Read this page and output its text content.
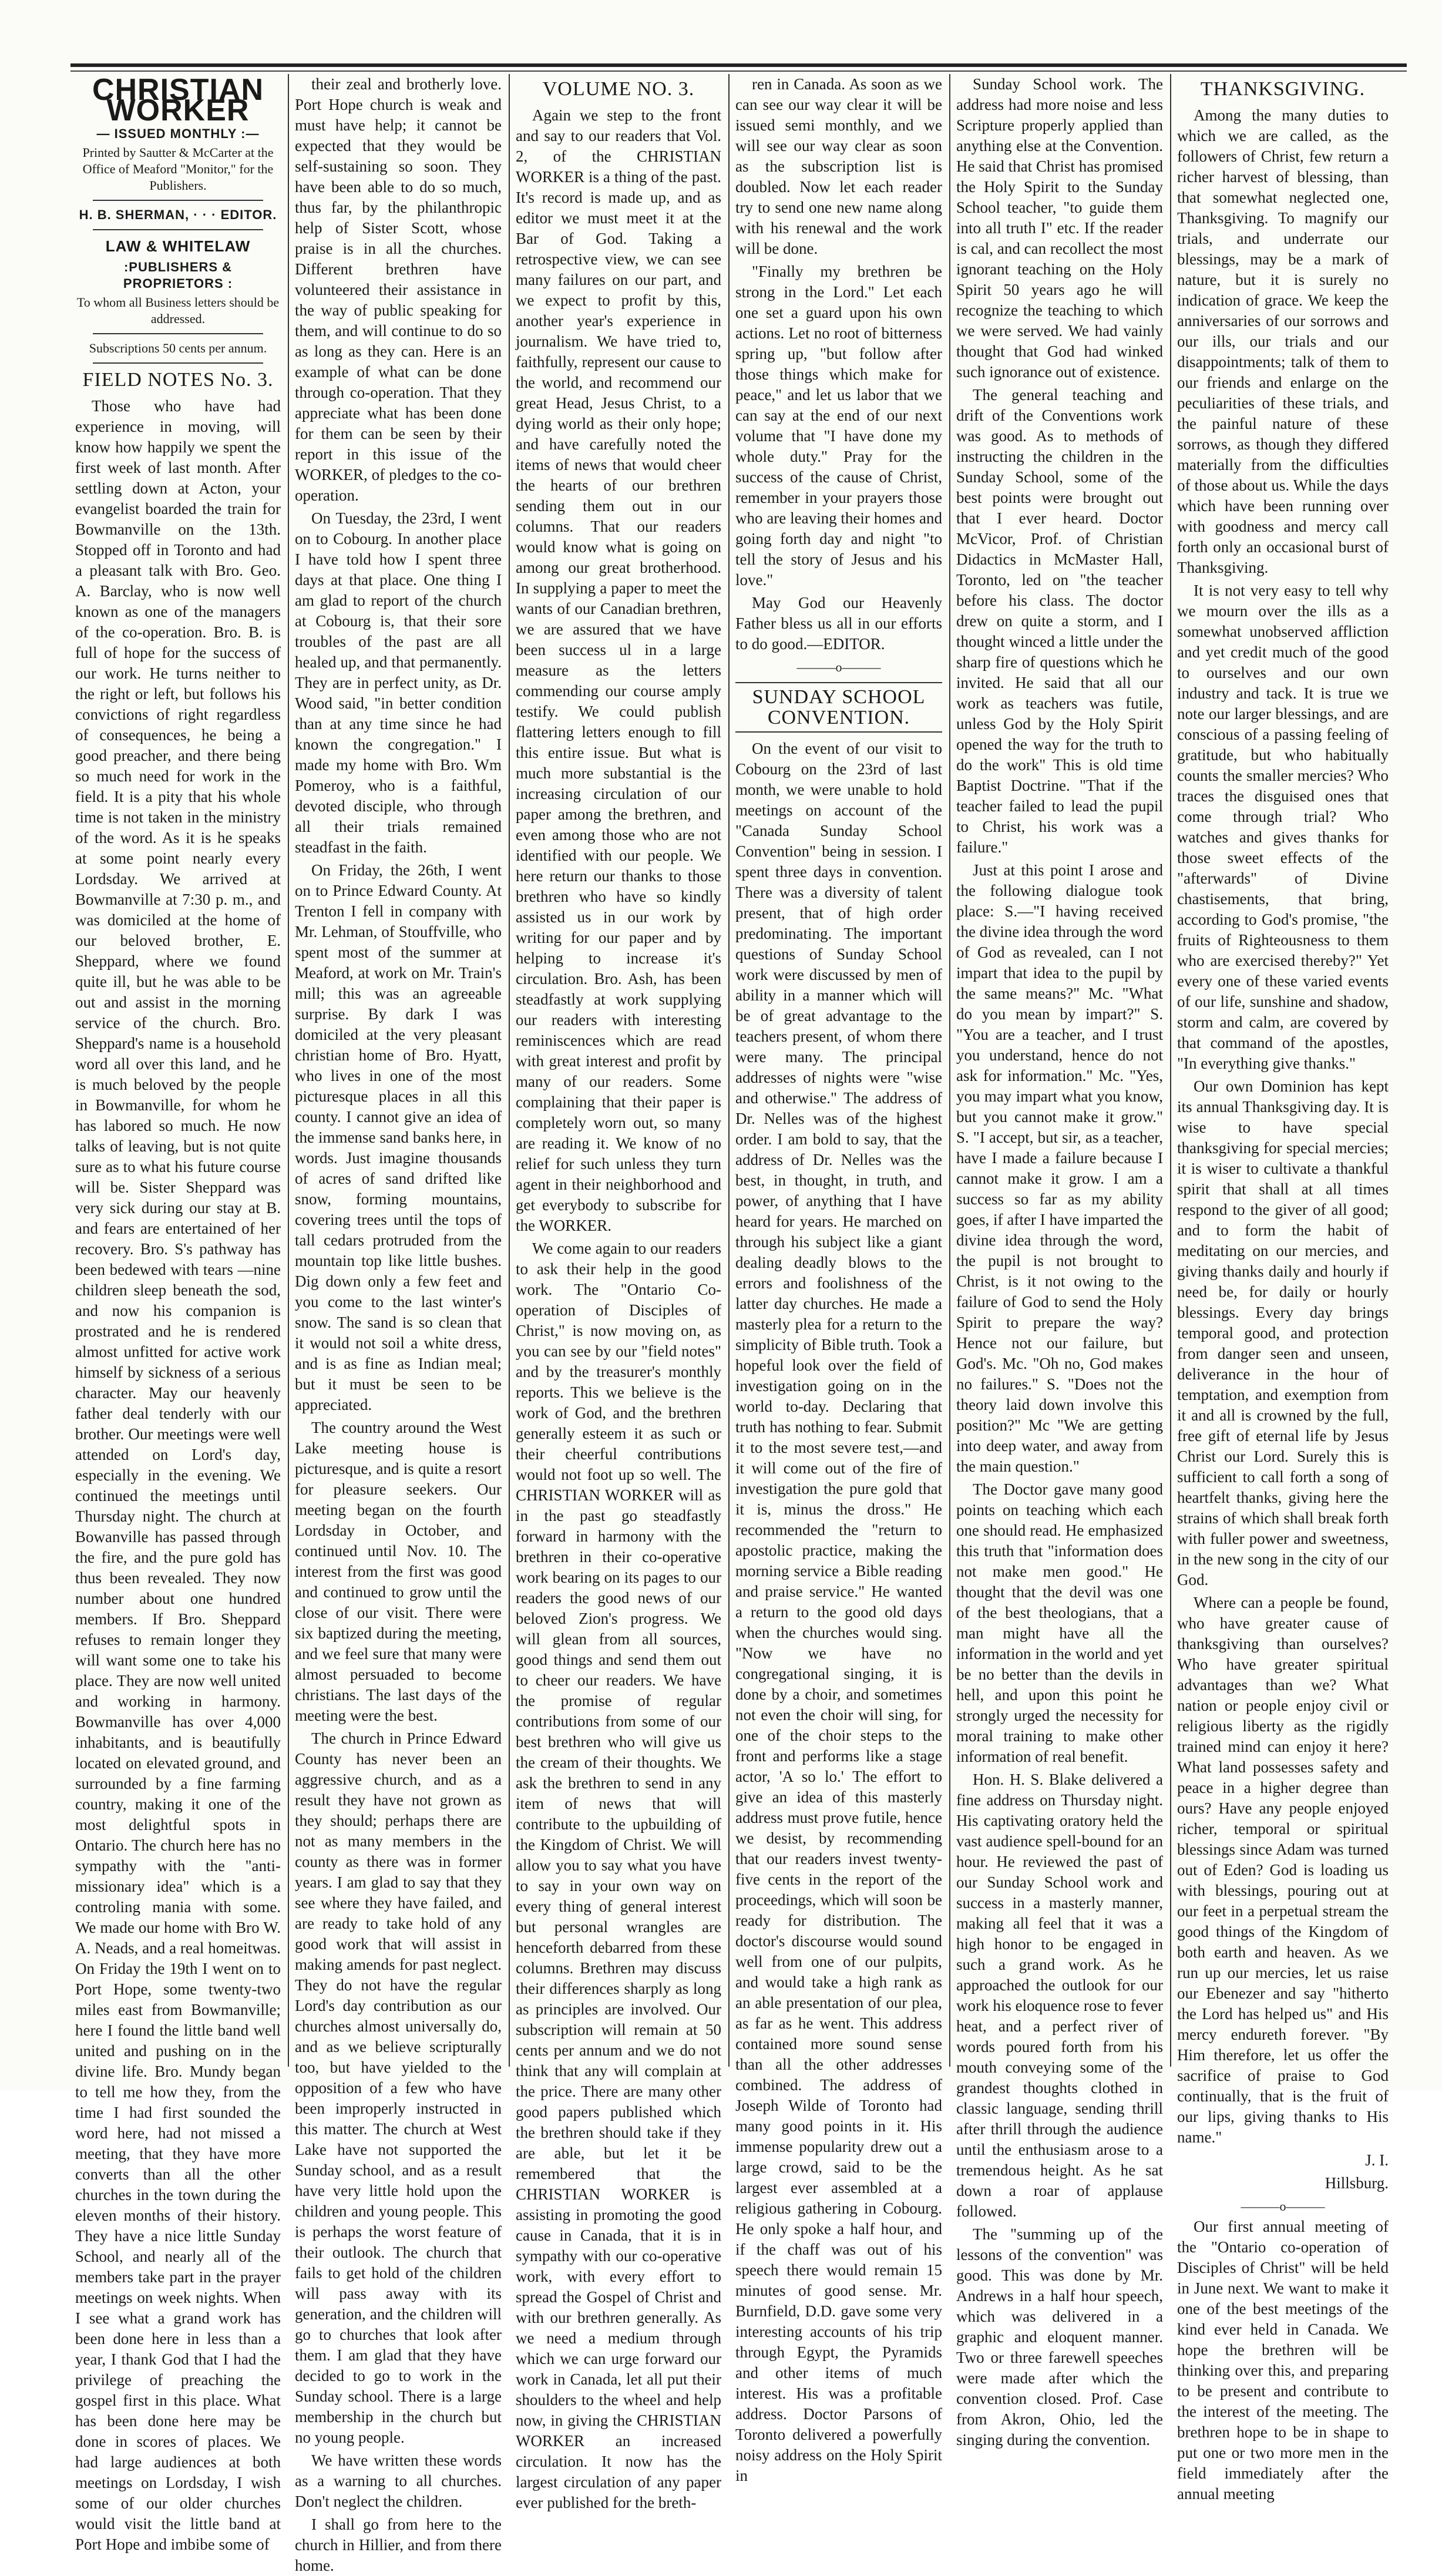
CHRISTIAN WORKER

— ISSUED MONTHLY :—

Printed by Sautter & McCarter at the Office of Meaford "Monitor," for the Publishers.

H. B. SHERMAN, · · · EDITOR.

LAW & WHITELAW

:PUBLISHERS & PROPRIETORS :

To whom all Business letters should be addressed.

Subscriptions 50 cents per annum.

FIELD NOTES No. 3.

Those who have had experience in moving, will know how happily we spent the first week of last month. After settling down at Acton, your evangelist boarded the train for Bowmanville on the 13th. Stopped off in Toronto and had a pleasant talk with Bro. Geo. A. Barclay, who is now well known as one of the managers of the co-operation. Bro. B. is full of hope for the success of our work. He turns neither to the right or left, but follows his convictions of right regardless of consequences, he being a good preacher, and there being so much need for work in the field. It is a pity that his whole time is not taken in the ministry of the word. As it is he speaks at some point nearly every Lordsday. We arrived at Bowmanville at 7:30 p. m., and was domiciled at the home of our beloved brother, E. Sheppard, where we found quite ill, but he was able to be out and assist in the morning service of the church. Bro. Sheppard's name is a household word all over this land, and he is much beloved by the people in Bowmanville, for whom he has labored so much. He now talks of leaving, but is not quite sure as to what his future course will be. Sister Sheppard was very sick during our stay at B. and fears are entertained of her recovery. Bro. S's pathway has been bedewed with tears —nine children sleep beneath the sod, and now his companion is prostrated and he is rendered almost unfitted for active work himself by sickness of a serious character. May our heavenly father deal tenderly with our brother. Our meetings were well attended on Lord's day, especially in the evening. We continued the meetings until Thursday night. The church at Bowanville has passed through the fire, and the pure gold has thus been revealed. They now number about one hundred members. If Bro. Sheppard refuses to remain longer they will want some one to take his place. They are now well united and working in harmony. Bowmanville has over 4,000 inhabitants, and is beautifully located on elevated ground, and surrounded by a fine farming country, making it one of the most delightful spots in Ontario. The church here has no sympathy with the "anti-missionary idea" which is a controling mania with some. We made our home with Bro W. A. Neads, and a real homeitwas. On Friday the 19th I went on to Port Hope, some twenty-two miles east from Bowmanville; here I found the little band well united and pushing on in the divine life. Bro. Mundy began to tell me how they, from the time I had first sounded the word here, had not missed a meeting, that they have more converts than all the other churches in the town during the eleven months of their history. They have a nice little Sunday School, and nearly all of the members take part in the prayer meetings on week nights. When I see what a grand work has been done here in less than a year, I thank God that I had the privilege of preaching the gospel first in this place. What has been done here may be done in scores of places. We had large audiences at both meetings on Lordsday, I wish some of our older churches would visit the little band at Port Hope and imbibe some of

their zeal and brotherly love. Port Hope church is weak and must have help; it cannot be expected that they would be self-sustaining so soon. They have been able to do so much, thus far, by the philanthropic help of Sister Scott, whose praise is in all the churches. Different brethren have volunteered their assistance in the way of public speaking for them, and will continue to do so as long as they can. Here is an example of what can be done through co-operation. That they appreciate what has been done for them can be seen by their report in this issue of the WORKER, of pledges to the co-operation.

On Tuesday, the 23rd, I went on to Cobourg. In another place I have told how I spent three days at that place. One thing I am glad to report of the church at Cobourg is, that their sore troubles of the past are all healed up, and that permanently. They are in perfect unity, as Dr. Wood said, "in better condition than at any time since he had known the congregation." I made my home with Bro. Wm Pomeroy, who is a faithful, devoted disciple, who through all their trials remained steadfast in the faith.

On Friday, the 26th, I went on to Prince Edward County. At Trenton I fell in company with Mr. Lehman, of Stouffville, who spent most of the summer at Meaford, at work on Mr. Train's mill; this was an agreeable surprise. By dark I was domiciled at the very pleasant christian home of Bro. Hyatt, who lives in one of the most picturesque places in all this county. I cannot give an idea of the immense sand banks here, in words. Just imagine thousands of acres of sand drifted like snow, forming mountains, covering trees until the tops of tall cedars protruded from the mountain top like little bushes. Dig down only a few feet and you come to the last winter's snow. The sand is so clean that it would not soil a white dress, and is as fine as Indian meal; but it must be seen to be appreciated.

The country around the West Lake meeting house is picturesque, and is quite a resort for pleasure seekers. Our meeting began on the fourth Lordsday in October, and continued until Nov. 10. The interest from the first was good and continued to grow until the close of our visit. There were six baptized during the meeting, and we feel sure that many were almost persuaded to become christians. The last days of the meeting were the best.

The church in Prince Edward County has never been an aggressive church, and as a result they have not grown as they should; perhaps there are not as many members in the county as there was in former years. I am glad to say that they see where they have failed, and are ready to take hold of any good work that will assist in making amends for past neglect. They do not have the regular Lord's day contribution as our churches almost universally do, and as we believe scripturally too, but have yielded to the opposition of a few who have been improperly instructed in this matter. The church at West Lake have not supported the Sunday school, and as a result have very little hold upon the children and young people. This is perhaps the worst feature of their outlook. The church that fails to get hold of the children will pass away with its generation, and the children will go to churches that look after them. I am glad that they have decided to go to work in the Sunday school. There is a large membership in the church but no young people.

We have written these words as a warning to all churches. Don't neglect the children.

I shall go from here to the church in Hillier, and from there home.

VOLUME NO. 3.

Again we step to the front and say to our readers that Vol. 2, of the CHRISTIAN WORKER is a thing of the past. It's record is made up, and as editor we must meet it at the Bar of God. Taking a retrospective view, we can see many failures on our part, and we expect to profit by this, another year's experience in journalism. We have tried to, faithfully, represent our cause to the world, and recommend our great Head, Jesus Christ, to a dying world as their only hope; and have carefully noted the items of news that would cheer the hearts of our brethren sending them out in our columns. That our readers would know what is going on among our great brotherhood. In supplying a paper to meet the wants of our Canadian brethren, we are assured that we have been success ul in a large measure as the letters commending our course amply testify. We could publish flattering letters enough to fill this entire issue. But what is much more substantial is the increasing circulation of our paper among the brethren, and even among those who are not identified with our people. We here return our thanks to those brethren who have so kindly assisted us in our work by writing for our paper and by helping to increase it's circulation. Bro. Ash, has been steadfastly at work supplying our readers with interesting reminiscences which are read with great interest and profit by many of our readers. Some complaining that their paper is completely worn out, so many are reading it. We know of no relief for such unless they turn agent in their neighborhood and get everybody to subscribe for the WORKER.

We come again to our readers to ask their help in the good work. The "Ontario Co-operation of Disciples of Christ," is now moving on, as you can see by our "field notes" and by the treasurer's monthly reports. This we believe is the work of God, and the brethren generally esteem it as such or their cheerful contributions would not foot up so well. The CHRISTIAN WORKER will as in the past go steadfastly forward in harmony with the brethren in their co-operative work bearing on its pages to our readers the good news of our beloved Zion's progress. We will glean from all sources, good things and send them out to cheer our readers. We have the promise of regular contributions from some of our best brethren who will give us the cream of their thoughts. We ask the brethren to send in any item of news that will contribute to the upbuilding of the Kingdom of Christ. We will allow you to say what you have to say in your own way on every thing of general interest but personal wrangles are henceforth debarred from these columns. Brethren may discuss their differences sharply as long as principles are involved. Our subscription will remain at 50 cents per annum and we do not think that any will complain at the price. There are many other good papers published which the brethren should take if they are able, but let it be remembered that the CHRISTIAN WORKER is assisting in promoting the good cause in Canada, that it is in sympathy with our co-operative work, with every effort to spread the Gospel of Christ and with our brethren generally. As we need a medium through which we can urge forward our work in Canada, let all put their shoulders to the wheel and help now, in giving the CHRISTIAN WORKER an increased circulation. It now has the largest circulation of any paper ever published for the breth-

ren in Canada. As soon as we can see our way clear it will be issued semi monthly, and we will see our way clear as soon as the subscription list is doubled. Now let each reader try to send one new name along with his renewal and the work will be done.

"Finally my brethren be strong in the Lord." Let each one set a guard upon his own actions. Let no root of bitterness spring up, "but follow after those things which make for peace," and let us labor that we can say at the end of our next volume that "I have done my whole duty." Pray for the success of the cause of Christ, remember in your prayers those who are leaving their homes and going forth day and night "to tell the story of Jesus and his love."

May God our Heavenly Father bless us all in our efforts to do good.—EDITOR.

———o———
SUNDAY SCHOOL CONVENTION.

On the event of our visit to Cobourg on the 23rd of last month, we were unable to hold meetings on account of the "Canada Sunday School Convention" being in session. I spent three days in convention. There was a diversity of talent present, that of high order predominating. The important questions of Sunday School work were discussed by men of ability in a manner which will be of great advantage to the teachers present, of whom there were many. The principal addresses of nights were "wise and otherwise." The address of Dr. Nelles was of the highest order. I am bold to say, that the address of Dr. Nelles was the best, in thought, in truth, and power, of anything that I have heard for years. He marched on through his subject like a giant dealing deadly blows to the errors and foolishness of the latter day churches. He made a masterly plea for a return to the simplicity of Bible truth. Took a hopeful look over the field of investigation going on in the world to-day. Declaring that truth has nothing to fear. Submit it to the most severe test,—and it will come out of the fire of investigation the pure gold that it is, minus the dross." He recommended the "return to apostolic practice, making the morning service a Bible reading and praise service." He wanted a return to the good old days when the churches would sing. "Now we have no congregational singing, it is done by a choir, and sometimes not even the choir will sing, for one of the choir steps to the front and performs like a stage actor, 'A so lo.' The effort to give an idea of this masterly address must prove futile, hence we desist, by recommending that our readers invest twenty-five cents in the report of the proceedings, which will soon be ready for distribution. The doctor's discourse would sound well from one of our pulpits, and would take a high rank as an able presentation of our plea, as far as he went. This address contained more sound sense than all the other addresses combined. The address of Joseph Wilde of Toronto had many good points in it. His immense popularity drew out a large crowd, said to be the largest ever assembled at a religious gathering in Cobourg. He only spoke a half hour, and if the chaff was out of his speech there would remain 15 minutes of good sense. Mr. Burnfield, D.D. gave some very interesting accounts of his trip through Egypt, the Pyramids and other items of much interest. His was a profitable address. Doctor Parsons of Toronto delivered a powerfully noisy address on the Holy Spirit in

Sunday School work. The address had more noise and less Scripture properly applied than anything else at the Convention. He said that Christ has promised the Holy Spirit to the Sunday School teacher, "to guide them into all truth I" etc. If the reader is cal, and can recollect the most ignorant teaching on the Holy Spirit 50 years ago he will recognize the teaching to which we were served. We had vainly thought that God had winked such ignorance out of existence.

The general teaching and drift of the Conventions work was good. As to methods of instructing the children in the Sunday School, some of the best points were brought out that I ever heard. Doctor McVicor, Prof. of Christian Didactics in McMaster Hall, Toronto, led on "the teacher before his class. The doctor drew on quite a storm, and I thought winced a little under the sharp fire of questions which he invited. He said that all our work as teachers was futile, unless God by the Holy Spirit opened the way for the truth to do the work" This is old time Baptist Doctrine. "That if the teacher failed to lead the pupil to Christ, his work was a failure."

Just at this point I arose and the following dialogue took place: S.—"I having received the divine idea through the word of God as revealed, can I not impart that idea to the pupil by the same means?" Mc. "What do you mean by impart?" S. "You are a teacher, and I trust you understand, hence do not ask for information." Mc. "Yes, you may impart what you know, but you cannot make it grow." S. "I accept, but sir, as a teacher, have I made a failure because I cannot make it grow. I am a success so far as my ability goes, if after I have imparted the divine idea through the word, the pupil is not brought to Christ, is it not owing to the failure of God to send the Holy Spirit to prepare the way? Hence not our failure, but God's. Mc. "Oh no, God makes no failures." S. "Does not the theory laid down involve this position?" Mc "We are getting into deep water, and away from the main question."

The Doctor gave many good points on teaching which each one should read. He emphasized this truth that "information does not make men good." He thought that the devil was one of the best theologians, that a man might have all the information in the world and yet be no better than the devils in hell, and upon this point he strongly urged the necessity for moral training to make other information of real benefit.

Hon. H. S. Blake delivered a fine address on Thursday night. His captivating oratory held the vast audience spell-bound for an hour. He reviewed the past of our Sunday School work and success in a masterly manner, making all feel that it was a high honor to be engaged in such a grand work. As he approached the outlook for our work his eloquence rose to fever heat, and a perfect river of words poured forth from his mouth conveying some of the grandest thoughts clothed in classic language, sending thrill after thrill through the audience until the enthusiasm arose to a tremendous height. As he sat down a roar of applause followed.

The "summing up of the lessons of the convention" was good. This was done by Mr. Andrews in a half hour speech, which was delivered in a graphic and eloquent manner. Two or three farewell speeches were made after which the convention closed. Prof. Case from Akron, Ohio, led the singing during the convention.

THANKSGIVING.

Among the many duties to which we are called, as the followers of Christ, few return a richer harvest of blessing, than that somewhat neglected one, Thanksgiving. To magnify our trials, and underrate our blessings, may be a mark of nature, but it is surely no indication of grace. We keep the anniversaries of our sorrows and our ills, our trials and our disappointments; talk of them to our friends and enlarge on the peculiarities of these trials, and the painful nature of these sorrows, as though they differed materially from the difficulties of those about us. While the days which have been running over with goodness and mercy call forth only an occasional burst of Thanksgiving.

It is not very easy to tell why we mourn over the ills as a somewhat unobserved affliction and yet credit much of the good to ourselves and our own industry and tack. It is true we note our larger blessings, and are conscious of a passing feeling of gratitude, but who habitually counts the smaller mercies? Who traces the disguised ones that come through trial? Who watches and gives thanks for those sweet effects of the "afterwards" of Divine chastisements, that bring, according to God's promise, "the fruits of Righteousness to them who are exercised thereby?" Yet every one of these varied events of our life, sunshine and shadow, storm and calm, are covered by that command of the apostles, "In everything give thanks."

Our own Dominion has kept its annual Thanksgiving day. It is wise to have special thanksgiving for special mercies; it is wiser to cultivate a thankful spirit that shall at all times respond to the giver of all good; and to form the habit of meditating on our mercies, and giving thanks daily and hourly if need be, for daily or hourly blessings. Every day brings temporal good, and protection from danger seen and unseen, deliverance in the hour of temptation, and exemption from it and all is crowned by the full, free gift of eternal life by Jesus Christ our Lord. Surely this is sufficient to call forth a song of heartfelt thanks, giving here the strains of which shall break forth with fuller power and sweetness, in the new song in the city of our God.

Where can a people be found, who have greater cause of thanksgiving than ourselves? Who have greater spiritual advantages than we? What nation or people enjoy civil or religious liberty as the rigidly trained mind can enjoy it here? What land possesses safety and peace in a higher degree than ours? Have any people enjoyed richer, temporal or spiritual blessings since Adam was turned out of Eden? God is loading us with blessings, pouring out at our feet in a perpetual stream the good things of the Kingdom of both earth and heaven. As we run up our mercies, let us raise our Ebenezer and say "hitherto the Lord has helped us" and His mercy endureth forever. "By Him therefore, let us offer the sacrifice of praise to God continually, that is the fruit of our lips, giving thanks to His name."

J. I.

Hillsburg.

———o———

Our first annual meeting of the "Ontario co-operation of Disciples of Christ" will be held in June next. We want to make it one of the best meetings of the kind ever held in Canada. We hope the brethren will be thinking over this, and preparing to be present and contribute to the interest of the meeting. The brethren hope to be in shape to put one or two more men in the field immediately after the annual meeting
